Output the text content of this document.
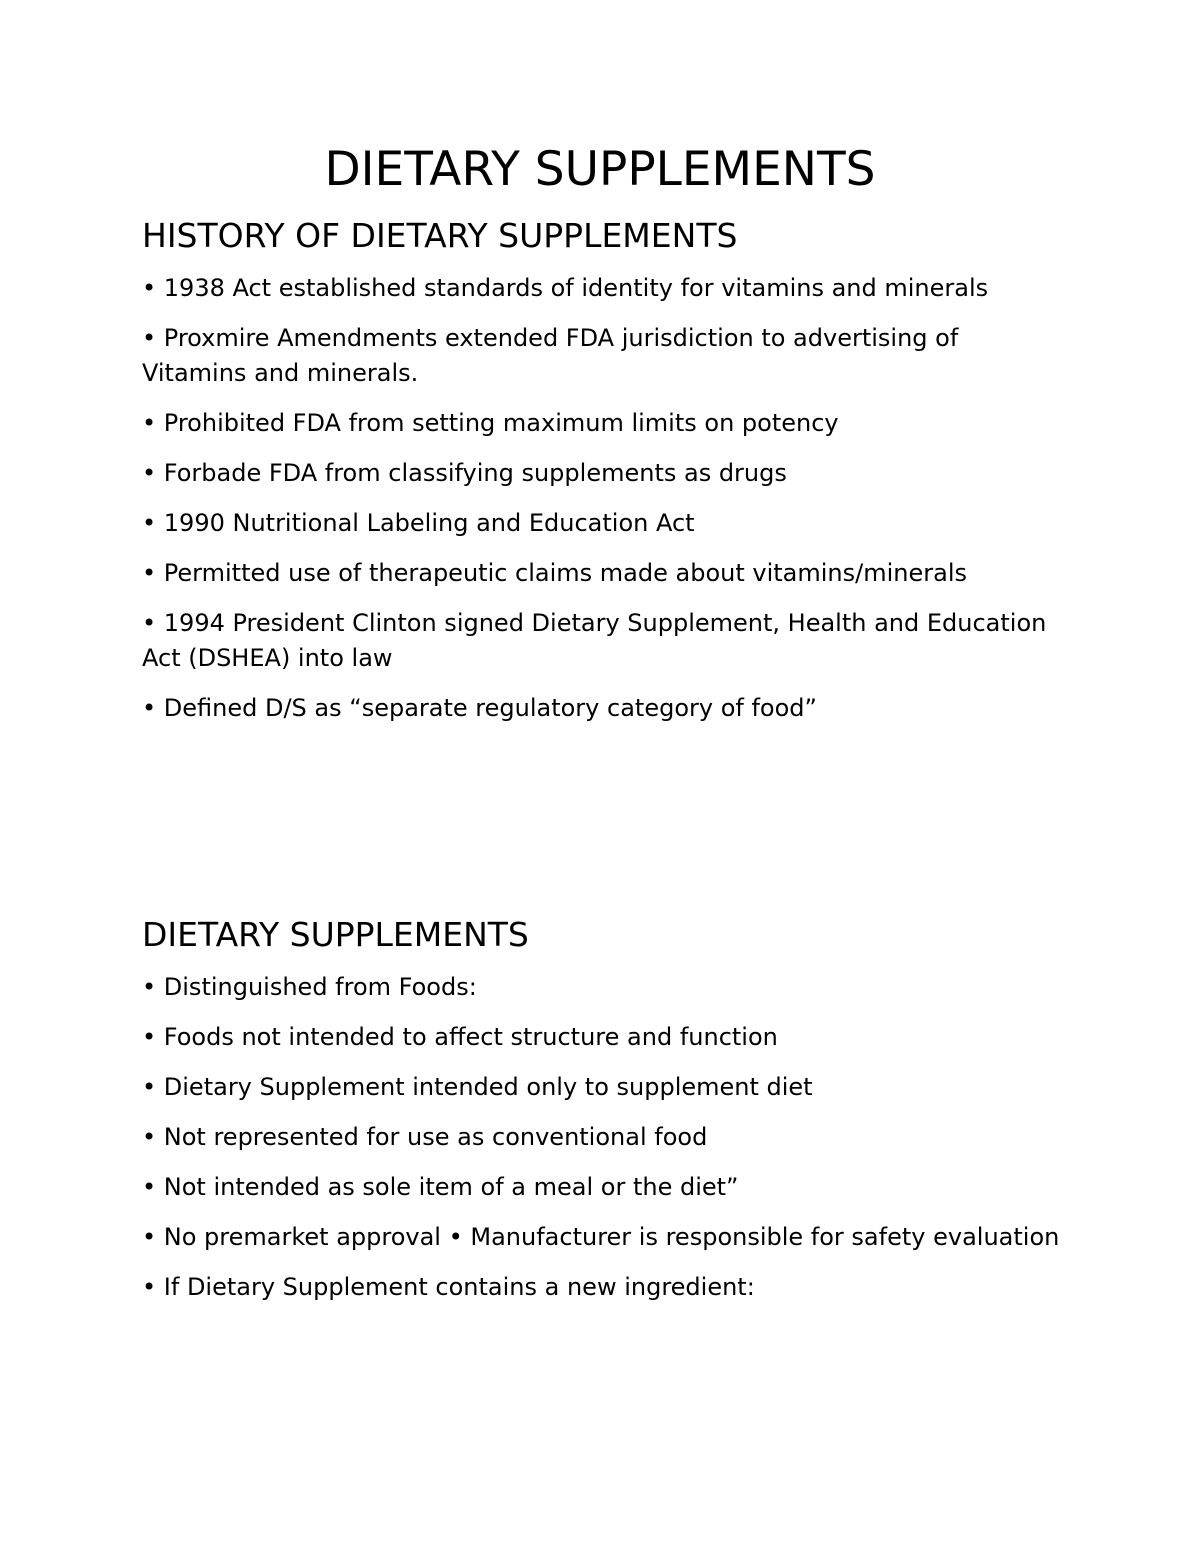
DIETARY SUPPLEMENTS
HISTORY OF DIETARY SUPPLEMENTS
• 1938 Act established standards of identity for vitamins and minerals
• Proxmire Amendments extended FDA jurisdiction to advertising of Vitamins and minerals.
• Prohibited FDA from setting maximum limits on potency
• Forbade FDA from classifying supplements as drugs
• 1990 Nutritional Labeling and Education Act
• Permitted use of therapeutic claims made about vitamins/minerals
• 1994 President Clinton signed Dietary Supplement, Health and Education Act (DSHEA) into law
• Defined D/S as “separate regulatory category of food”
DIETARY SUPPLEMENTS
• Distinguished from Foods:
• Foods not intended to affect structure and function
• Dietary Supplement intended only to supplement diet
• Not represented for use as conventional food
• Not intended as sole item of a meal or the diet”
• No premarket approval • Manufacturer is responsible for safety evaluation
• If Dietary Supplement contains a new ingredient:
